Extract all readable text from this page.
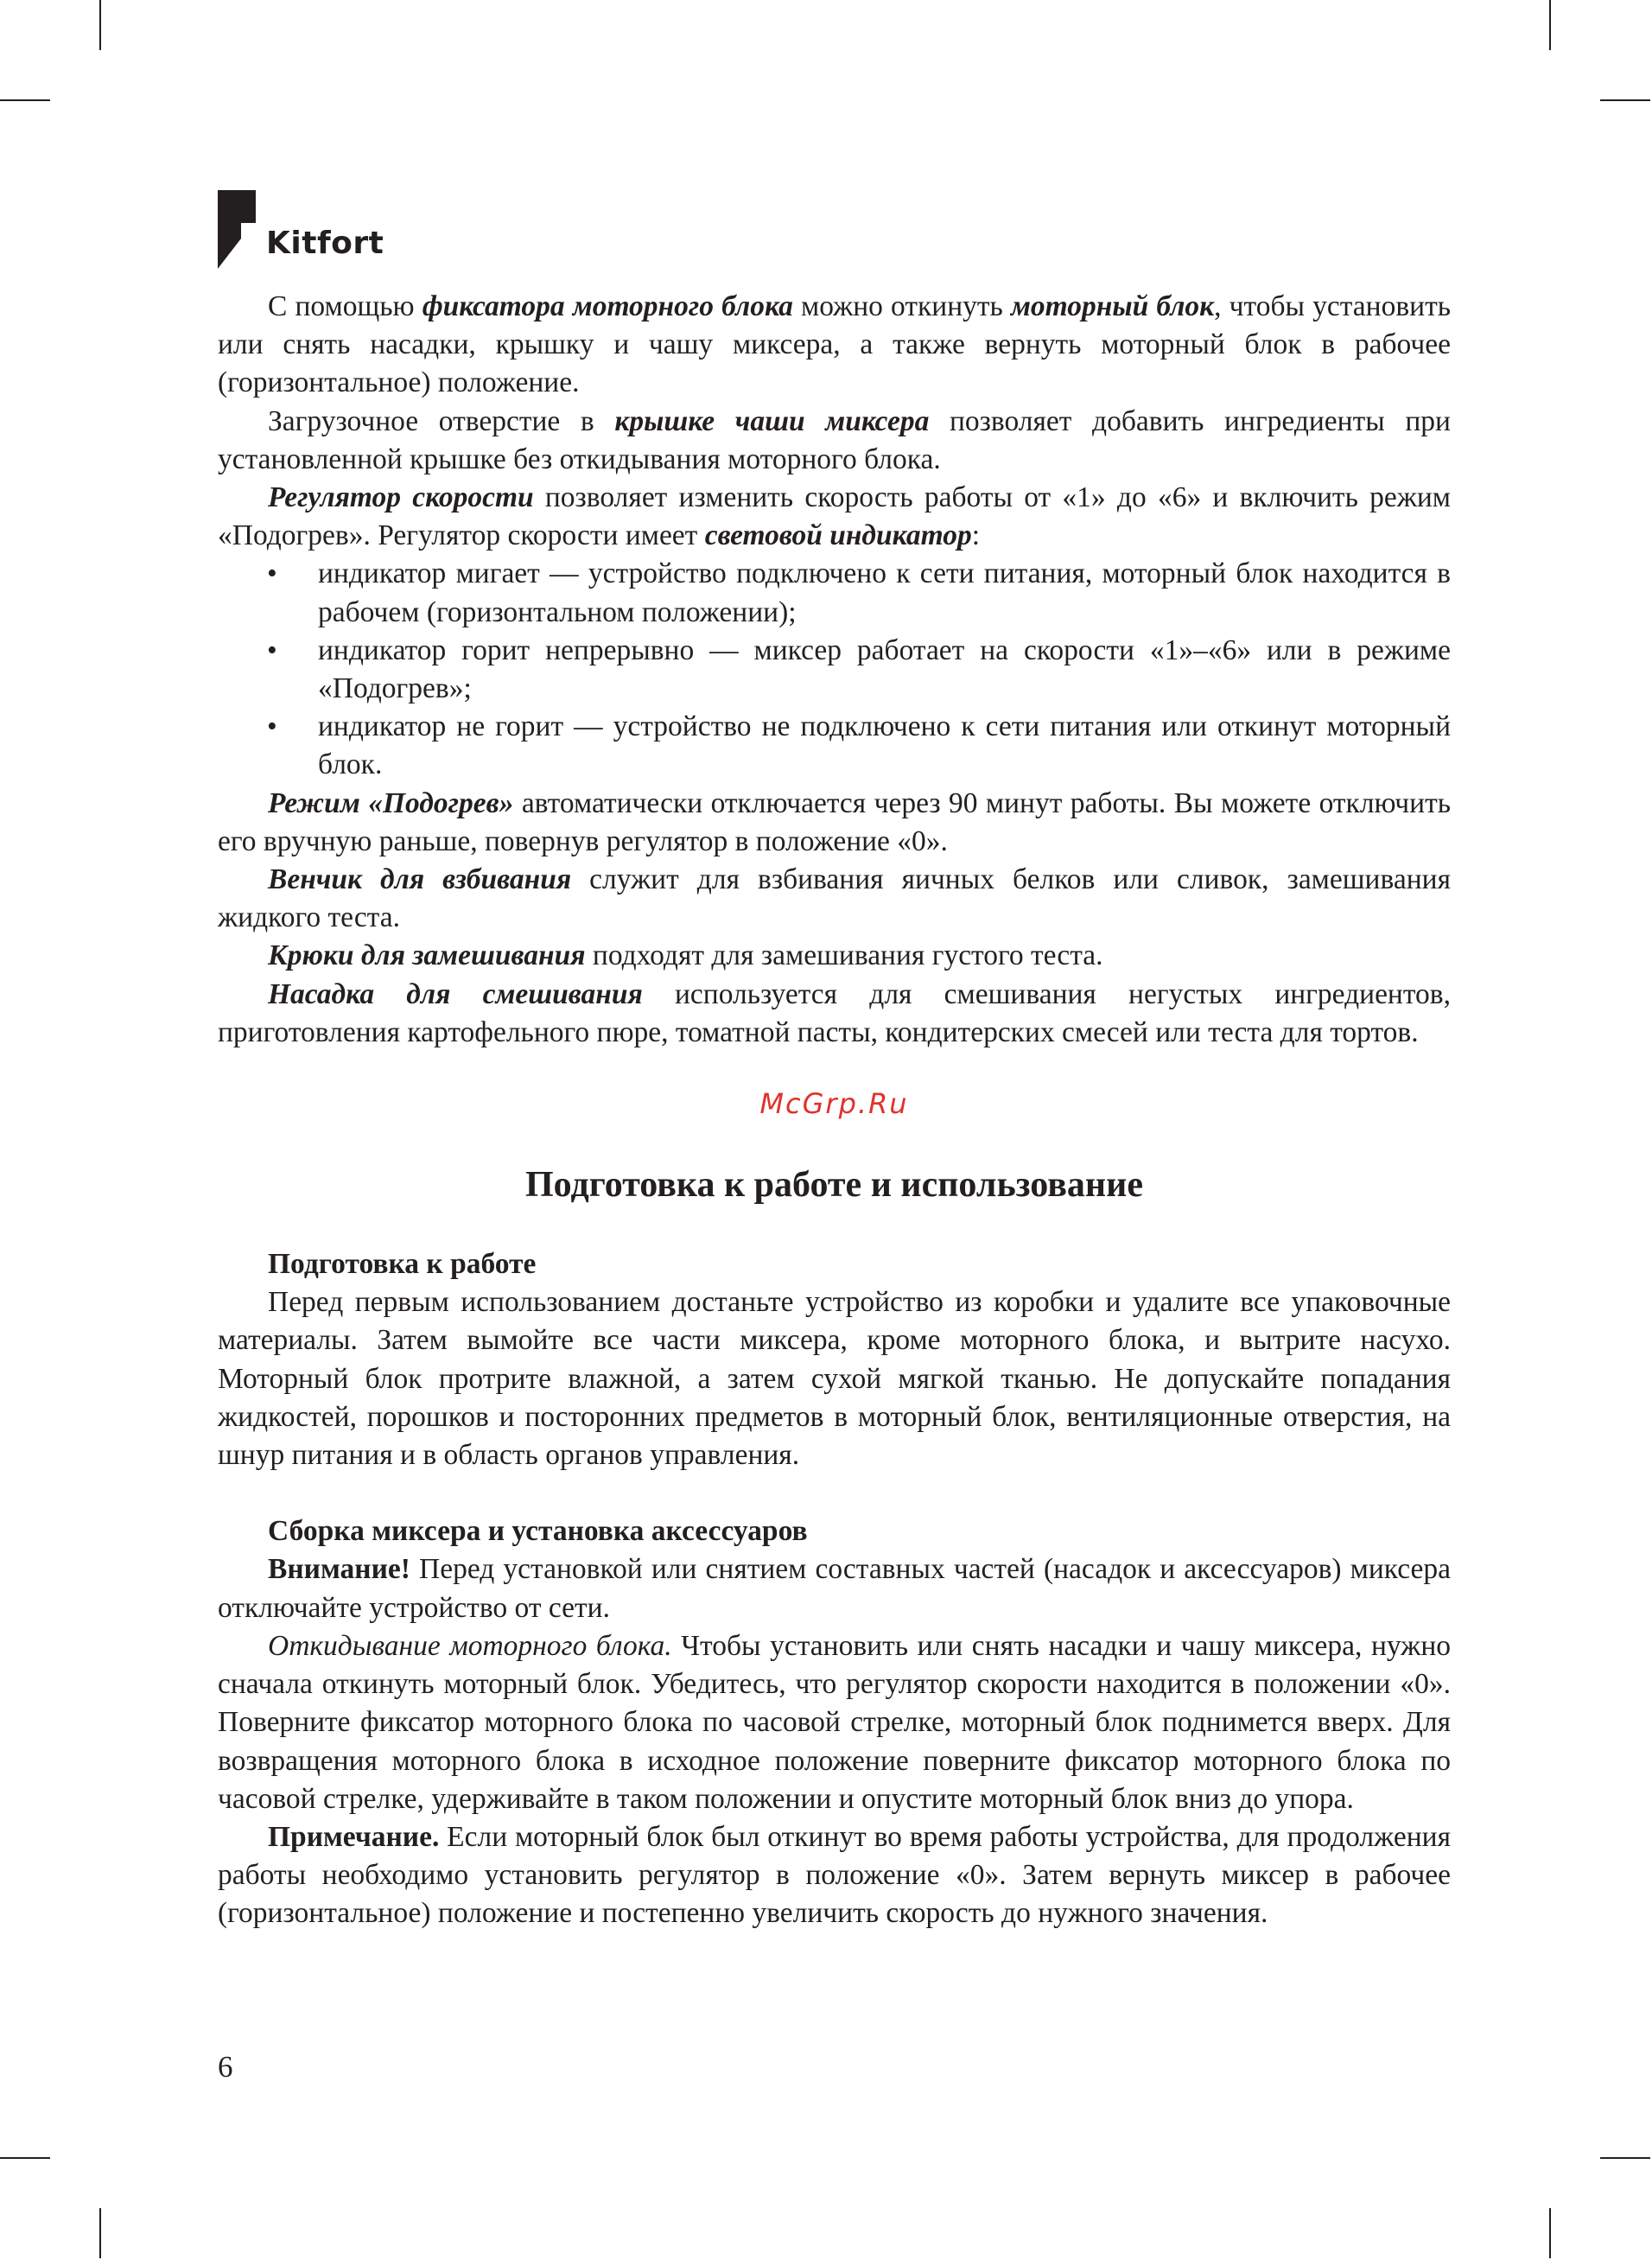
Kitfort

С помощью фиксатора моторного блока можно откинуть моторный блок, чтобы установить или снять насадки, крышку и чашу миксера, а также вернуть моторный блок в рабочее (горизонтальное) положение.

Загрузочное отверстие в крышке чаши миксера позволяет добавить ингредиенты при установленной крышке без откидывания моторного блока.

Регулятор скорости позволяет изменить скорость работы от «1» до «6» и включить режим «Подогрев». Регулятор скорости имеет световой индикатор:

• индикатор мигает — устройство подключено к сети питания, моторный блок находится в рабочем (горизонтальном положении);
• индикатор горит непрерывно — миксер работает на скорости «1»–«6» или в режиме «Подогрев»;
• индикатор не горит — устройство не подключено к сети питания или откинут моторный блок.

Режим «Подогрев» автоматически отключается через 90 минут работы. Вы можете отключить его вручную раньше, повернув регулятор в положение «0».

Венчик для взбивания служит для взбивания яичных белков или сливок, замешивания жидкого теста.

Крюки для замешивания подходят для замешивания густого теста.

Насадка для смешивания используется для смешивания негустых ингредиентов, приготовления картофельного пюре, томатной пасты, кондитерских смесей или теста для тортов.

McGrp.Ru
Подготовка к работе и использование

Подготовка к работе

Перед первым использованием достаньте устройство из коробки и удалите все упаковочные материалы. Затем вымойте все части миксера, кроме моторного блока, и вытрите насухо. Моторный блок протрите влажной, а затем сухой мягкой тканью. Не допускайте попадания жидкостей, порошков и посторонних предметов в моторный блок, вентиляционные отверстия, на шнур питания и в область органов управления.

Сборка миксера и установка аксессуаров

Внимание! Перед установкой или снятием составных частей (насадок и аксессуаров) миксера отключайте устройство от сети.

Откидывание моторного блока. Чтобы установить или снять насадки и чашу миксера, нужно сначала откинуть моторный блок. Убедитесь, что регулятор скорости находится в положении «0». Поверните фиксатор моторного блока по часовой стрелке, моторный блок поднимется вверх. Для возвращения моторного блока в исходное положение поверните фиксатор моторного блока по часовой стрелке, удерживайте в таком положении и опустите моторный блок вниз до упора.

Примечание. Если моторный блок был откинут во время работы устройства, для продолжения работы необходимо установить регулятор в положение «0». Затем вернуть миксер в рабочее (горизонтальное) положение и постепенно увеличить скорость до нужного значения.

6
